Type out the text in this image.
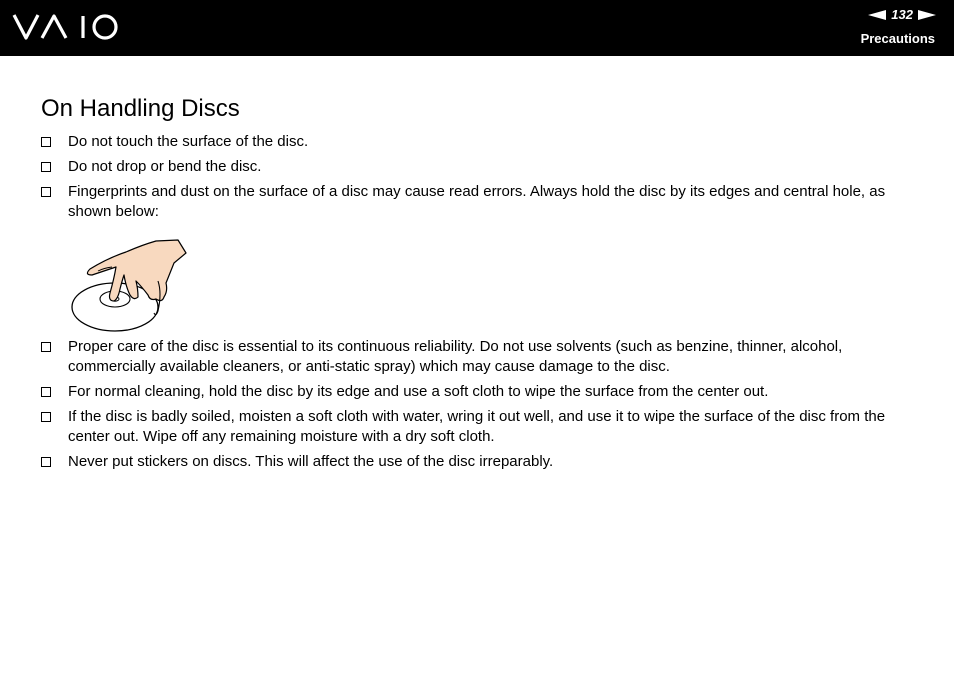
132
Precautions
On Handling Discs
Do not touch the surface of the disc.
Do not drop or bend the disc.
Fingerprints and dust on the surface of a disc may cause read errors. Always hold the disc by its edges and central hole, as shown below:
Proper care of the disc is essential to its continuous reliability. Do not use solvents (such as benzine, thinner, alcohol, commercially available cleaners, or anti-static spray) which may cause damage to the disc.
For normal cleaning, hold the disc by its edge and use a soft cloth to wipe the surface from the center out.
If the disc is badly soiled, moisten a soft cloth with water, wring it out well, and use it to wipe the surface of the disc from the center out. Wipe off any remaining moisture with a dry soft cloth.
Never put stickers on discs. This will affect the use of the disc irreparably.
